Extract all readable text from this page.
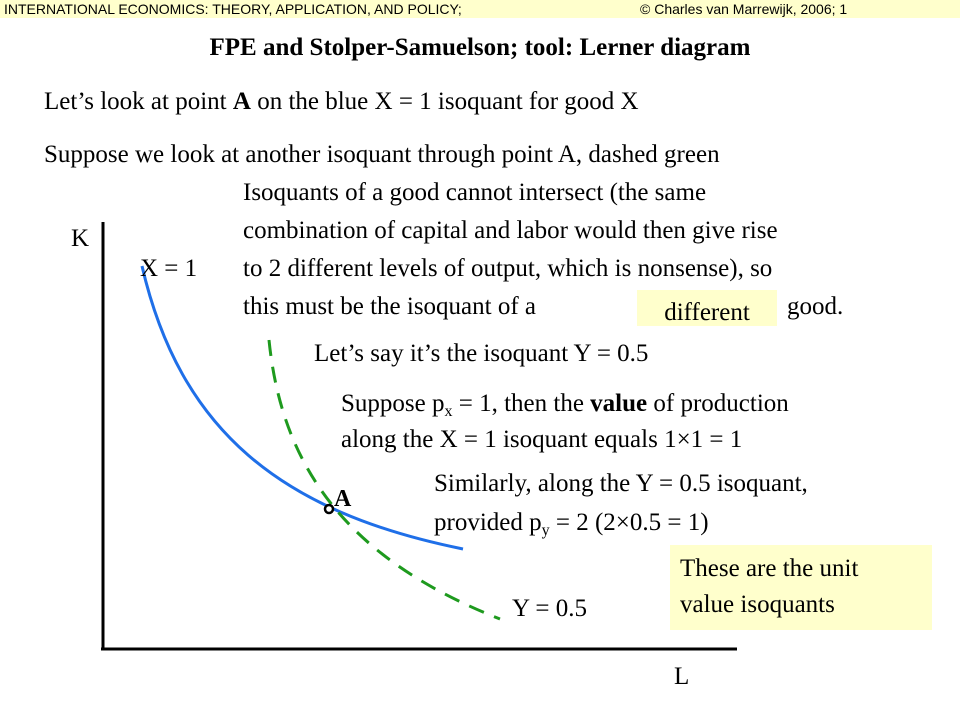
INTERNATIONAL ECONOMICS: THEORY, APPLICATION, AND POLICY;	© Charles van Marrewijk, 2006; 1
FPE and Stolper-Samuelson; tool: Lerner diagram
Let’s look at point A on the blue X = 1 isoquant for good X
Suppose we look at another isoquant through point A, dashed green
Isoquants of a good cannot intersect (the same
combination of capital and labor would then give rise
to 2 different levels of output, which is nonsense), so
this must be the isoquant of a	good.
different
Let’s say it’s the isoquant Y = 0.5
Suppose $p_x = 1$, then the value of production
along the X = 1 isoquant equals 1×1 = 1
Similarly, along the Y = 0.5 isoquant,
provided $p_y = 2$ (2×0.5 = 1)
These are the unit
value isoquants
K
L
X = 1
Y = 0.5
A
